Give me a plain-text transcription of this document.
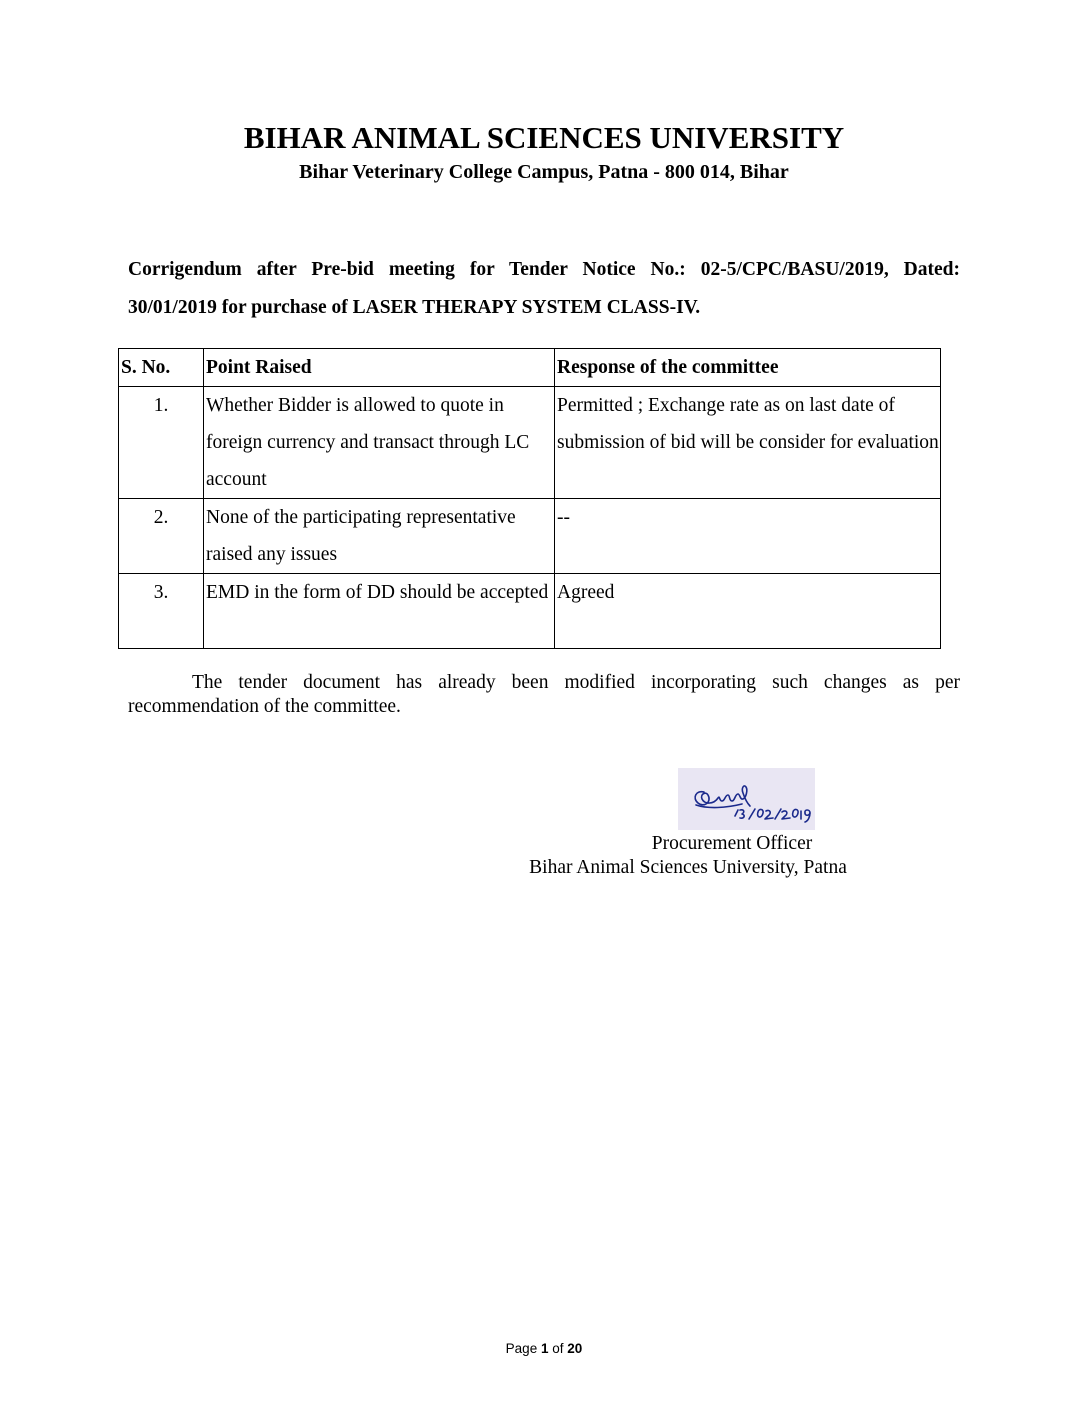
BIHAR ANIMAL SCIENCES UNIVERSITY
Bihar Veterinary College Campus, Patna - 800 014, Bihar
Corrigendum after Pre-bid meeting for Tender Notice No.: 02-5/CPC/BASU/2019, Dated:
30/01/2019 for purchase of LASER THERAPY SYSTEM CLASS-IV.
S. No.	Point Raised	Response of the committee
1.	Whether Bidder is allowed to quote in foreign currency and transact through LC account	Permitted ; Exchange rate as on last date of submission of bid will be consider for evaluation
2.	None of the participating representative raised any issues	--
3.	EMD in the form of DD should be accepted	Agreed
The tender document has already been modified incorporating such changes as per recommendation of the committee.
Procurement Officer
Bihar Animal Sciences University, Patna
Page 1 of 20
